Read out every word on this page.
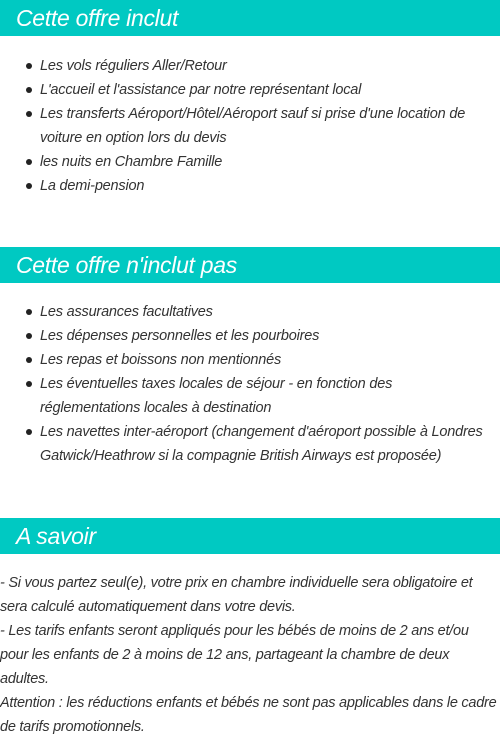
Cette offre inclut
Les vols réguliers Aller/Retour
L'accueil et l'assistance par notre représentant local
Les transferts Aéroport/Hôtel/Aéroport sauf si prise d'une location de voiture en option lors du devis
les nuits en Chambre Famille
La demi-pension
Cette offre n'inclut pas
Les assurances facultatives
Les dépenses personnelles et les pourboires
Les repas et boissons non mentionnés
Les éventuelles taxes locales de séjour - en fonction des réglementations locales à destination
Les navettes inter-aéroport (changement d'aéroport possible à Londres Gatwick/Heathrow si la compagnie British Airways est proposée)
A savoir

- Si vous partez seul(e), votre prix en chambre individuelle sera obligatoire et sera calculé automatiquement dans votre devis.

- Les tarifs enfants seront appliqués pour les bébés de moins de 2 ans et/ou pour les enfants de 2 à moins de 12 ans, partageant la chambre de deux adultes.

Attention : les réductions enfants et bébés ne sont pas applicables dans le cadre de tarifs promotionnels.
